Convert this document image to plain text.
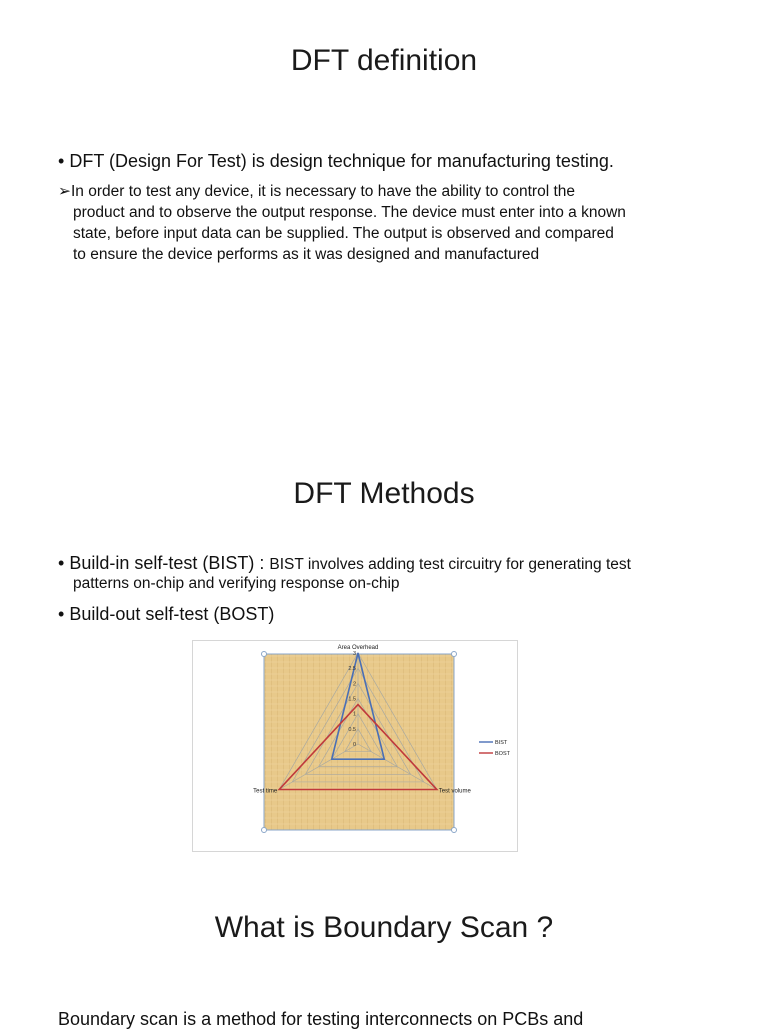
DFT definition
• DFT (Design For Test) is design technique for manufacturing testing.
➢In order to test any device, it is necessary to have the ability to control the
product and to observe the output response. The device must enter into a known
state, before input data can be supplied. The output is observed and compared
to ensure the device performs as it was designed and manufactured
DFT Methods
• Build-in self-test (BIST) : BIST involves adding test circuitry for generating test
patterns on-chip and verifying response on-chip
• Build-out self-test (BOST)
3
2.5
2
1.5
1
0.5
0
Area Overhead
Test volume
Test time
BIST
BOST
What is Boundary Scan ?
Boundary scan is a method for testing interconnects on PCBs and
